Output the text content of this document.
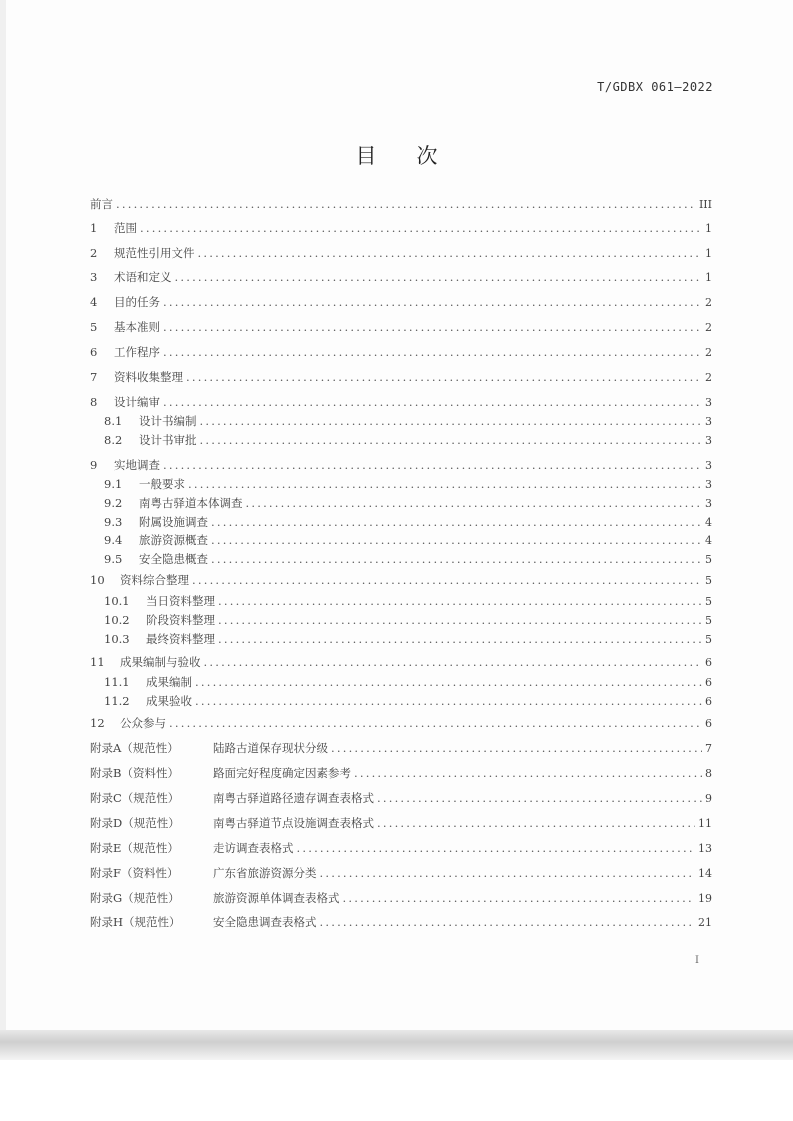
T/GDBX 061—2022
目 次
前言 .....	III
1	范围 .....	1
2	规范性引用文件 .....	1
3	术语和定义 .....	1
4	目的任务 .....	2
5	基本准则 .....	2
6	工作程序 .....	2
7	资料收集整理 .....	2
8	设计编审 .....	3
8.1	设计书编制 .....	3
8.2	设计书审批 .....	3
9	实地调查 .....	3
9.1	一般要求 .....	3
9.2	南粤古驿道本体调查 .....	3
9.3	附属设施调查 .....	4
9.4	旅游资源概查 .....	4
9.5	安全隐患概查 .....	5
10	资料综合整理 .....	5
10.1	当日资料整理 .....	5
10.2	阶段资料整理 .....	5
10.3	最终资料整理 .....	5
11	成果编制与验收 .....	6
11.1	成果编制 .....	6
11.2	成果验收 .....	6
12	公众参与 .....	6
附录A（规范性）	陆路古道保存现状分级 .....	7
附录B（资料性）	路面完好程度确定因素参考 .....	8
附录C（规范性）	南粤古驿道路径遗存调查表格式 .....	9
附录D（规范性）	南粤古驿道节点设施调查表格式 .....	11
附录E（规范性）	走访调查表格式 .....	13
附录F（资料性）	广东省旅游资源分类 .....	14
附录G（规范性）	旅游资源单体调查表格式 .....	19
附录H（规范性）	安全隐患调查表格式 .....	21
I
